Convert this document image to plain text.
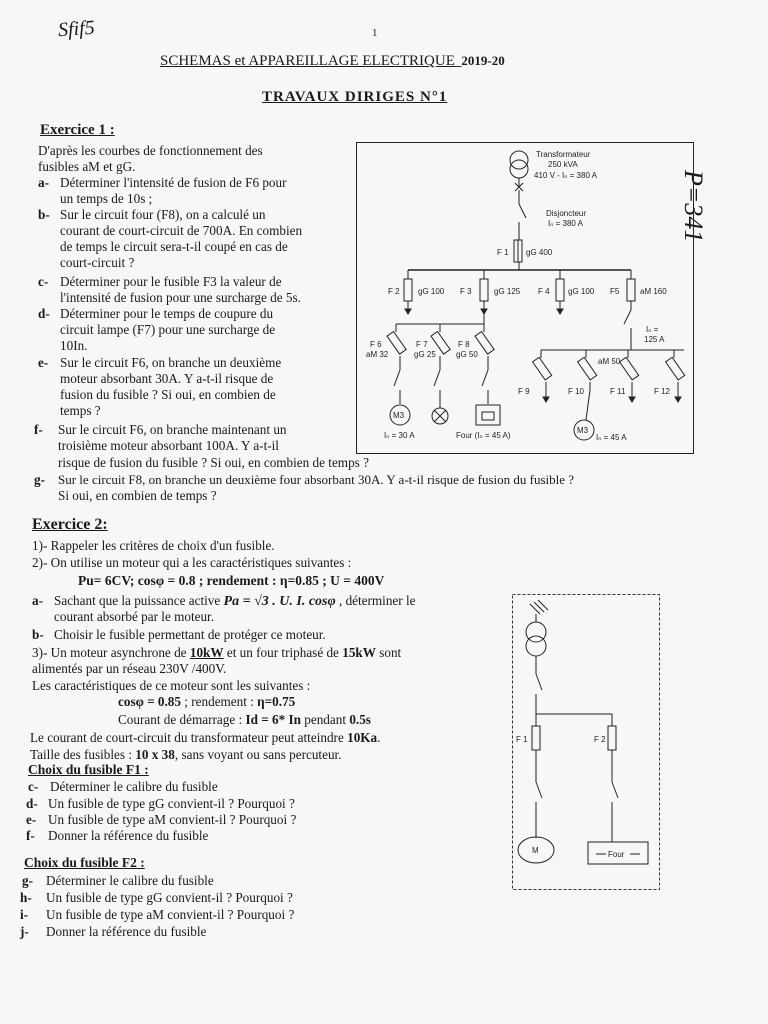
Sfif5	1
SCHEMAS et APPAREILLAGE ELECTRIQUE_2019-20
TRAVAUX DIRIGES N°1
P=341
Exercice 1 :
D'après les courbes de fonctionnement des
fusibles aM et gG.
a- Déterminer l'intensité de fusion de F6 pour
un temps de 10s ;
b- Sur le circuit four (F8), on a calculé un
courant de court-circuit de 700A. En combien
de temps le circuit sera-t-il coupé en cas de
court-circuit ?
c- Déterminer pour le fusible F3 la valeur de
l'intensité de fusion pour une surcharge de 5s.
d- Déterminer pour le temps de coupure du
circuit lampe (F7) pour une surcharge de
10In.
e- Sur le circuit F6, on branche un deuxième
moteur absorbant 30A. Y a-t-il risque de
fusion du fusible ? Si oui, en combien de
temps ?
f- Sur le circuit F6, on branche maintenant un
troisième moteur absorbant 100A. Y a-t-il
risque de fusion du fusible ? Si oui, en combien de temps ?
g- Sur le circuit F8, on branche un deuxième four absorbant 30A. Y a-t-il risque de fusion du fusible ?
Si oui, en combien de temps ?
Transformateur
250 kVA
410 V - Iₙ = 380 A
Disjoncteur
Iₙ = 380 A
F 1 gG 400
F 2 gG 100 F 3	gG 125 F 4 gG 100 F5	aM 160
Iₙ =
125 A
F 6
aM 32
F 7
gG 25
F 8
gG 50
aM 50
F 9	F 10	F 11	F 12
M3
Iₙ = 30 A	Four (Iₙ = 45 A)
M3
Iₙ = 45 A
Exercice 2:
1)- Rappeler les critères de choix d'un fusible.
2)- On utilise un moteur qui a les caractéristiques suivantes :
Pu= 6CV; cosφ = 0.8 ; rendement : η=0.85 ; U = 400V
a- Sachant que la puissance active Pa = √3 . U. I. cosφ , déterminer le
courant absorbé par le moteur.
b- Choisir le fusible permettant de protéger ce moteur.
3)- Un moteur asynchrone de 10kW et un four triphasé de 15kW sont
alimentés par un réseau 230V /400V.
Les caractéristiques de ce moteur sont les suivantes :
cosφ = 0.85 ; rendement : η=0.75
Courant de démarrage : Id = 6* In pendant 0.5s
Le courant de court-circuit du transformateur peut atteindre 10Ka.
Taille des fusibles : 10 x 38, sans voyant ou sans percuteur.
Choix du fusible F1 :
c- Déterminer le calibre du fusible
d- Un fusible de type gG convient-il ? Pourquoi ?
e- Un fusible de type aM convient-il ? Pourquoi ?
f- Donner la référence du fusible
Choix du fusible F2 :
g- Déterminer le calibre du fusible
h- Un fusible de type gG convient-il ? Pourquoi ?
i- Un fusible de type aM convient-il ? Pourquoi ?
j- Donner la référence du fusible
F 1	F 2
M	Four
